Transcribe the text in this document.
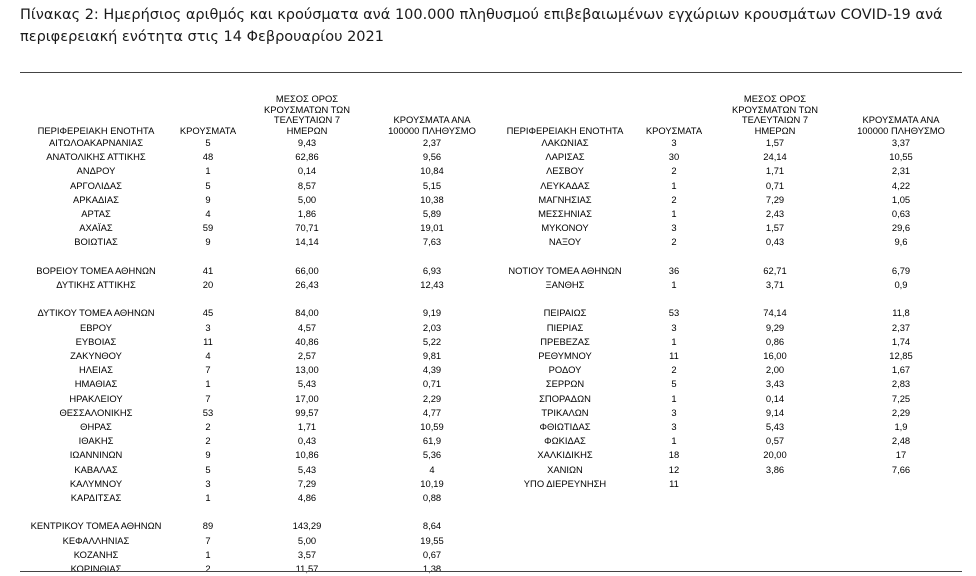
Πίνακας 2: Ημερήσιος αριθμός και κρούσματα ανά 100.000 πληθυσμού επιβεβαιωμένων εγχώριων κρουσμάτων COVID-19 ανά περιφερειακή ενότητα στις 14 Φεβρουαρίου 2021
ΠΕΡΙΦΕΡΕΙΑΚΗ ΕΝΟΤΗΤΑ	ΚΡΟΥΣΜΑΤΑ	ΜΕΣΟΣ ΟΡΟΣ ΚΡΟΥΣΜΑΤΩΝ ΤΩΝ ΤΕΛΕΥΤΑΙΩΝ 7 ΗΜΕΡΩΝ	ΚΡΟΥΣΜΑΤΑ ΑΝΑ 100000 ΠΛΗΘΥΣΜΟ
ΑΙΤΩΛΟΑΚΑΡΝΑΝΙΑΣ	5	9,43	2,37
ΑΝΑΤΟΛΙΚΗΣ ΑΤΤΙΚΗΣ	48	62,86	9,56
ΑΝΔΡΟΥ	1	0,14	10,84
ΑΡΓΟΛΙΔΑΣ	5	8,57	5,15
ΑΡΚΑΔΙΑΣ	9	5,00	10,38
ΑΡΤΑΣ	4	1,86	5,89
ΑΧΑΪΑΣ	59	70,71	19,01
ΒΟΙΩΤΙΑΣ	9	14,14	7,63

ΒΟΡΕΙΟΥ ΤΟΜΕΑ ΑΘΗΝΩΝ	41	66,00	6,93
ΔΥΤΙΚΗΣ ΑΤΤΙΚΗΣ	20	26,43	12,43

ΔΥΤΙΚΟΥ ΤΟΜΕΑ ΑΘΗΝΩΝ	45	84,00	9,19
ΕΒΡΟΥ	3	4,57	2,03
ΕΥΒΟΙΑΣ	11	40,86	5,22
ΖΑΚΥΝΘΟΥ	4	2,57	9,81
ΗΛΕΙΑΣ	7	13,00	4,39
ΗΜΑΘΙΑΣ	1	5,43	0,71
ΗΡΑΚΛΕΙΟΥ	7	17,00	2,29
ΘΕΣΣΑΛΟΝΙΚΗΣ	53	99,57	4,77
ΘΗΡΑΣ	2	1,71	10,59
ΙΘΑΚΗΣ	2	0,43	61,9
ΙΩΑΝΝΙΝΩΝ	9	10,86	5,36
ΚΑΒΑΛΑΣ	5	5,43	4
ΚΑΛΥΜΝΟΥ	3	7,29	10,19
ΚΑΡΔΙΤΣΑΣ	1	4,86	0,88

ΚΕΝΤΡΙΚΟΥ ΤΟΜΕΑ ΑΘΗΝΩΝ	89	143,29	8,64
ΚΕΦΑΛΛΗΝΙΑΣ	7	5,00	19,55
ΚΟΖΑΝΗΣ	1	3,57	0,67
ΚΟΡΙΝΘΙΑΣ	2	11,57	1,38
ΠΕΡΙΦΕΡΕΙΑΚΗ ΕΝΟΤΗΤΑ	ΚΡΟΥΣΜΑΤΑ	ΜΕΣΟΣ ΟΡΟΣ ΚΡΟΥΣΜΑΤΩΝ ΤΩΝ ΤΕΛΕΥΤΑΙΩΝ 7 ΗΜΕΡΩΝ	ΚΡΟΥΣΜΑΤΑ ΑΝΑ 100000 ΠΛΗΘΥΣΜΟ
ΛΑΚΩΝΙΑΣ	3	1,57	3,37
ΛΑΡΙΣΑΣ	30	24,14	10,55
ΛΕΣΒΟΥ	2	1,71	2,31
ΛΕΥΚΑΔΑΣ	1	0,71	4,22
ΜΑΓΝΗΣΙΑΣ	2	7,29	1,05
ΜΕΣΣΗΝΙΑΣ	1	2,43	0,63
ΜΥΚΟΝΟΥ	3	1,57	29,6
ΝΑΞΟΥ	2	0,43	9,6

ΝΟΤΙΟΥ ΤΟΜΕΑ ΑΘΗΝΩΝ	36	62,71	6,79
ΞΑΝΘΗΣ	1	3,71	0,9

ΠΕΙΡΑΙΩΣ	53	74,14	11,8
ΠΙΕΡΙΑΣ	3	9,29	2,37
ΠΡΕΒΕΖΑΣ	1	0,86	1,74
ΡΕΘΥΜΝΟΥ	11	16,00	12,85
ΡΟΔΟΥ	2	2,00	1,67
ΣΕΡΡΩΝ	5	3,43	2,83
ΣΠΟΡΑΔΩΝ	1	0,14	7,25
ΤΡΙΚΑΛΩΝ	3	9,14	2,29
ΦΘΙΩΤΙΔΑΣ	3	5,43	1,9
ΦΩΚΙΔΑΣ	1	0,57	2,48
ΧΑΛΚΙΔΙΚΗΣ	18	20,00	17
ΧΑΝΙΩΝ	12	3,86	7,66
ΥΠΟ ΔΙΕΡΕΥΝΗΣΗ	11		
